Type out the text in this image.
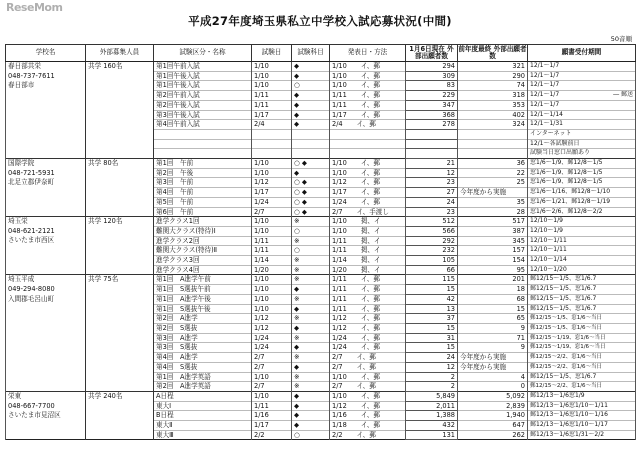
ReseMom
平成27年度埼玉県私立中学校入試応募状況(中間)
50音順
学校名	外部募集人員	試験区分・名称	試験日	試験科目	発表日・方法	1月6日現在 外部出願者数	前年度最終 外部出願者数	願書受付期間

春日部共栄
048-737-7611
春日部市	共学 160名	第1回午前入試	1/10	◆	1/10 イ、郵	294	321	12/1～1/7

		第1回午後入試	1/10	◆	1/10 イ、郵	309	290	12/1～1/7

		第1回午後入試	1/10	○	1/10 イ、郵	83	74	12/1～1/7

		第2回午前入試	1/11	◆	1/11 イ、郵	229	318	12/1～1/7 ― 郵送

		第2回午後入試	1/11	◆	1/11 イ、郵	347	353	12/1～1/7

		第3回午後入試	1/17	◆	1/17 イ、郵	368	402	12/1～1/14

		第4回午前入試	2/4	◆	2/4 イ、郵	278	324	12/1～1/31

								インターネット

								12/1～各試験前日

								試験当日窓口出願あり

国際学院
048-721-5931
北足立郡伊奈町	共学 80名	第1回　午前	1/10	○ ◆	1/10 イ、郵	21	36	窓1/6～1/9、郵12/8～1/5

		第2回　午後	1/10	◆	1/10 イ、郵	12	22	窓1/6～1/9、郵12/8～1/5

		第3回　午前	1/12	○ ◆	1/12 イ、郵	23	25	窓1/6～1/9、郵12/8～1/5

		第4回　午前	1/17	○ ◆	1/17 イ、郵	27	今年度から実施	窓1/6～1/16、郵12/8～1/10

		第5回　午前	1/24	○ ◆	1/24 イ、郵	24	35	窓1/6～1/21、郵12/8～1/19

		第6回　午前	2/7	○ ◆	2/7 イ、手渡し	23	28	窓1/6～2/6、郵12/8～2/2

埼玉栄
048-621-2121
さいたま市西区	共学 120名	進学クラス1回	1/10	※	1/10 掲、イ	512	517	12/10～1/9

		難関大クラス(特待)Ⅰ	1/10	○	1/10 掲、イ	566	387	12/10～1/9

		進学クラス2回	1/11	※	1/11 掲、イ	292	345	12/10～1/11

		難関大クラス(特待)Ⅱ	1/11	○	1/11 掲、イ	232	157	12/10～1/11

		進学クラス3回	1/14	※	1/14 掲、イ	105	154	12/10～1/14

		進学クラス4回	1/20	※	1/20 掲、イ	66	95	12/10～1/20

埼玉平成
049-294-8080
入間郡毛呂山町	共学 75名	第1回　A進学午前	1/10	※	1/11 イ、郵	115	201	郵12/15～1/5、窓1/6.7

		第1回　S選抜午前	1/10	◆	1/11 イ、郵	15	18	郵12/15～1/5、窓1/6.7

		第1回　A進学午後	1/10	※	1/11 イ、郵	42	68	郵12/15～1/5、窓1/6.7

		第1回　S選抜午後	1/10	◆	1/11 イ、郵	13	15	郵12/15～1/5、窓1/6.7

		第2回　A進学	1/12	※	1/12 イ、郵	37	65	郵12/15～1/5、窓1/6～当日

		第2回　S選抜	1/12	◆	1/12 イ、郵	15	9	郵12/15～1/5、窓1/6～当日

		第3回　A進学	1/24	※	1/24 イ、郵	31	71	郵12/15～1/19、窓1/6～当日

		第3回　S選抜	1/24	◆	1/24 イ、郵	15	9	郵12/15～1/19、窓1/6～当日

		第4回　A進学	2/7	※	2/7 イ、郵	24	今年度から実施	郵12/15～2/2、窓1/6～当日

		第4回　S選抜	2/7	◆	2/7 イ、郵	12	今年度から実施	郵12/15～2/2、窓1/6～当日

		第1回　A進学英語	1/10	※	1/10 イ、郵	2	4	郵12/15～1/5、窓1/6.7

		第2回　A進学英語	2/7	※	2/7 イ、郵	2	0	郵12/15～2/2、窓1/6～当日

栄東
048-667-7700
さいたま市見沼区	共学 240名	A日程	1/10	◆	1/10 イ、郵	5,849	5,092	郵12/13～1/6窓1/9

		東大Ⅰ	1/11	◆	1/12 イ、郵	2,011	2,839	郵12/13～1/6窓1/10～1/11

		B日程	1/16	◆	1/16 イ、郵	1,388	1,940	郵12/13～1/6窓1/10～1/16

		東大Ⅱ	1/17	◆	1/18 イ、郵	432	647	郵12/13～1/6窓1/10～1/17

		東大Ⅲ	2/2	○	2/2 イ、郵	131	262	郵12/13～1/6窓1/31～2/2
